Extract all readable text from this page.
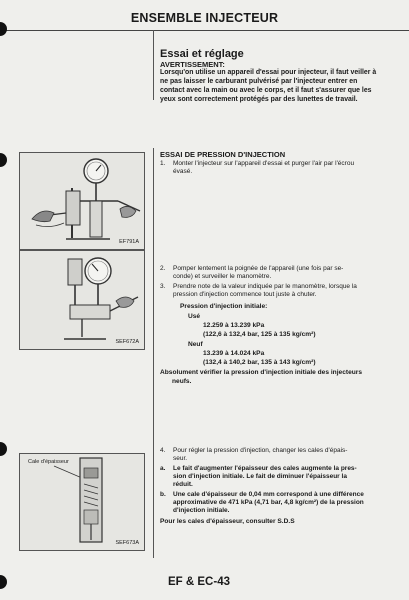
ENSEMBLE INJECTEUR
Essai et réglage
AVERTISSEMENT:
Lorsqu'on utilise un appareil d'essai pour injecteur, il faut veiller à
ne pas laisser le carburant pulvérisé par l'injecteur entrer en
contact avec la main ou avec le corps, et il faut s'assurer que les
yeux sont correctement protégés par des lunettes de travail.
ESSAI DE PRESSION D'INJECTION
1. Monter l'injecteur sur l'appareil d'essai et purger l'air par l'écrou
évasé.
EF791A
SEF672A
2. Pomper lentement la poignée de l'appareil (une fois par se-
conde) et surveiller le manomètre.
3. Prendre note de la valeur indiquée par le manomètre, lorsque la
pression d'injection commence tout juste à chuter.
Pression d'injection initiale:
Usé
12.259 à 13.239 kPa
(122,6 à 132,4 bar, 125 à 135 kg/cm²)
Neuf
13.239 à 14.024 kPa
(132,4 à 140,2 bar, 135 à 143 kg/cm²)
Absolument vérifier la pression d'injection initiale des injecteurs
neufs.
Cale d'épaisseur
SEF673A
4. Pour régler la pression d'injection, changer les cales d'épais-
seur.
a. Le fait d'augmenter l'épaisseur des cales augmente la pres-
sion d'injection initiale. Le fait de diminuer l'épaisseur la
réduit.
b. Une cale d'épaisseur de 0,04 mm correspond à une différence
approximative de 471 kPa (4,71 bar, 4,8 kg/cm²) de la pression
d'injection initiale.
Pour les cales d'épaisseur, consulter S.D.S
EF & EC-43
